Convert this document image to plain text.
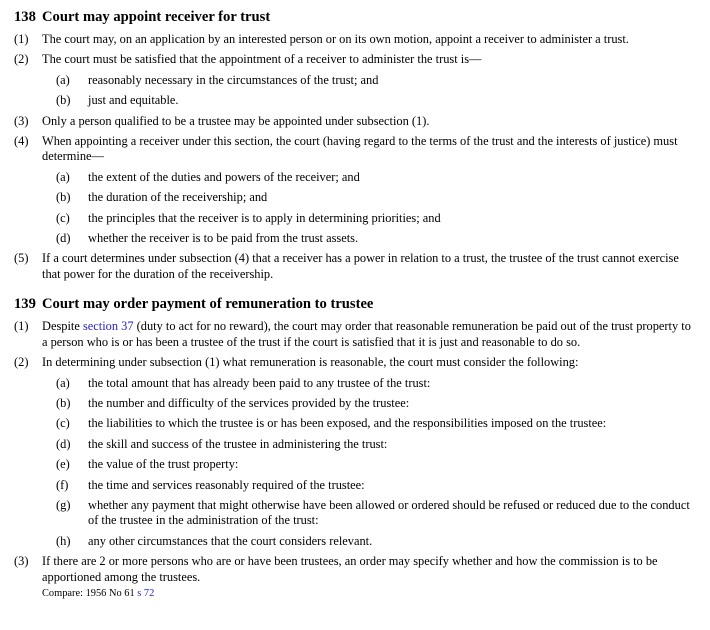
138 Court may appoint receiver for trust
(1)	The court may, on an application by an interested person or on its own motion, appoint a receiver to administer a trust.
(2)	The court must be satisfied that the appointment of a receiver to administer the trust is—
(a)	reasonably necessary in the circumstances of the trust; and
(b)	just and equitable.
(3)	Only a person qualified to be a trustee may be appointed under subsection (1).
(4)	When appointing a receiver under this section, the court (having regard to the terms of the trust and the interests of justice) must determine—
(a)	the extent of the duties and powers of the receiver; and
(b)	the duration of the receivership; and
(c)	the principles that the receiver is to apply in determining priorities; and
(d)	whether the receiver is to be paid from the trust assets.
(5)	If a court determines under subsection (4) that a receiver has a power in relation to a trust, the trustee of the trust cannot exercise that power for the duration of the receivership.
139 Court may order payment of remuneration to trustee
(1)	Despite section 37 (duty to act for no reward), the court may order that reasonable remuneration be paid out of the trust property to a person who is or has been a trustee of the trust if the court is satisfied that it is just and reasonable to do so.
(2)	In determining under subsection (1) what remuneration is reasonable, the court must consider the following:
(a)	the total amount that has already been paid to any trustee of the trust:
(b)	the number and difficulty of the services provided by the trustee:
(c)	the liabilities to which the trustee is or has been exposed, and the responsibilities imposed on the trustee:
(d)	the skill and success of the trustee in administering the trust:
(e)	the value of the trust property:
(f)	the time and services reasonably required of the trustee:
(g)	whether any payment that might otherwise have been allowed or ordered should be refused or reduced due to the conduct of the trustee in the administration of the trust:
(h)	any other circumstances that the court considers relevant.
(3)	If there are 2 or more persons who are or have been trustees, an order may specify whether and how the commission is to be apportioned among the trustees.
Compare: 1956 No 61 s 72
